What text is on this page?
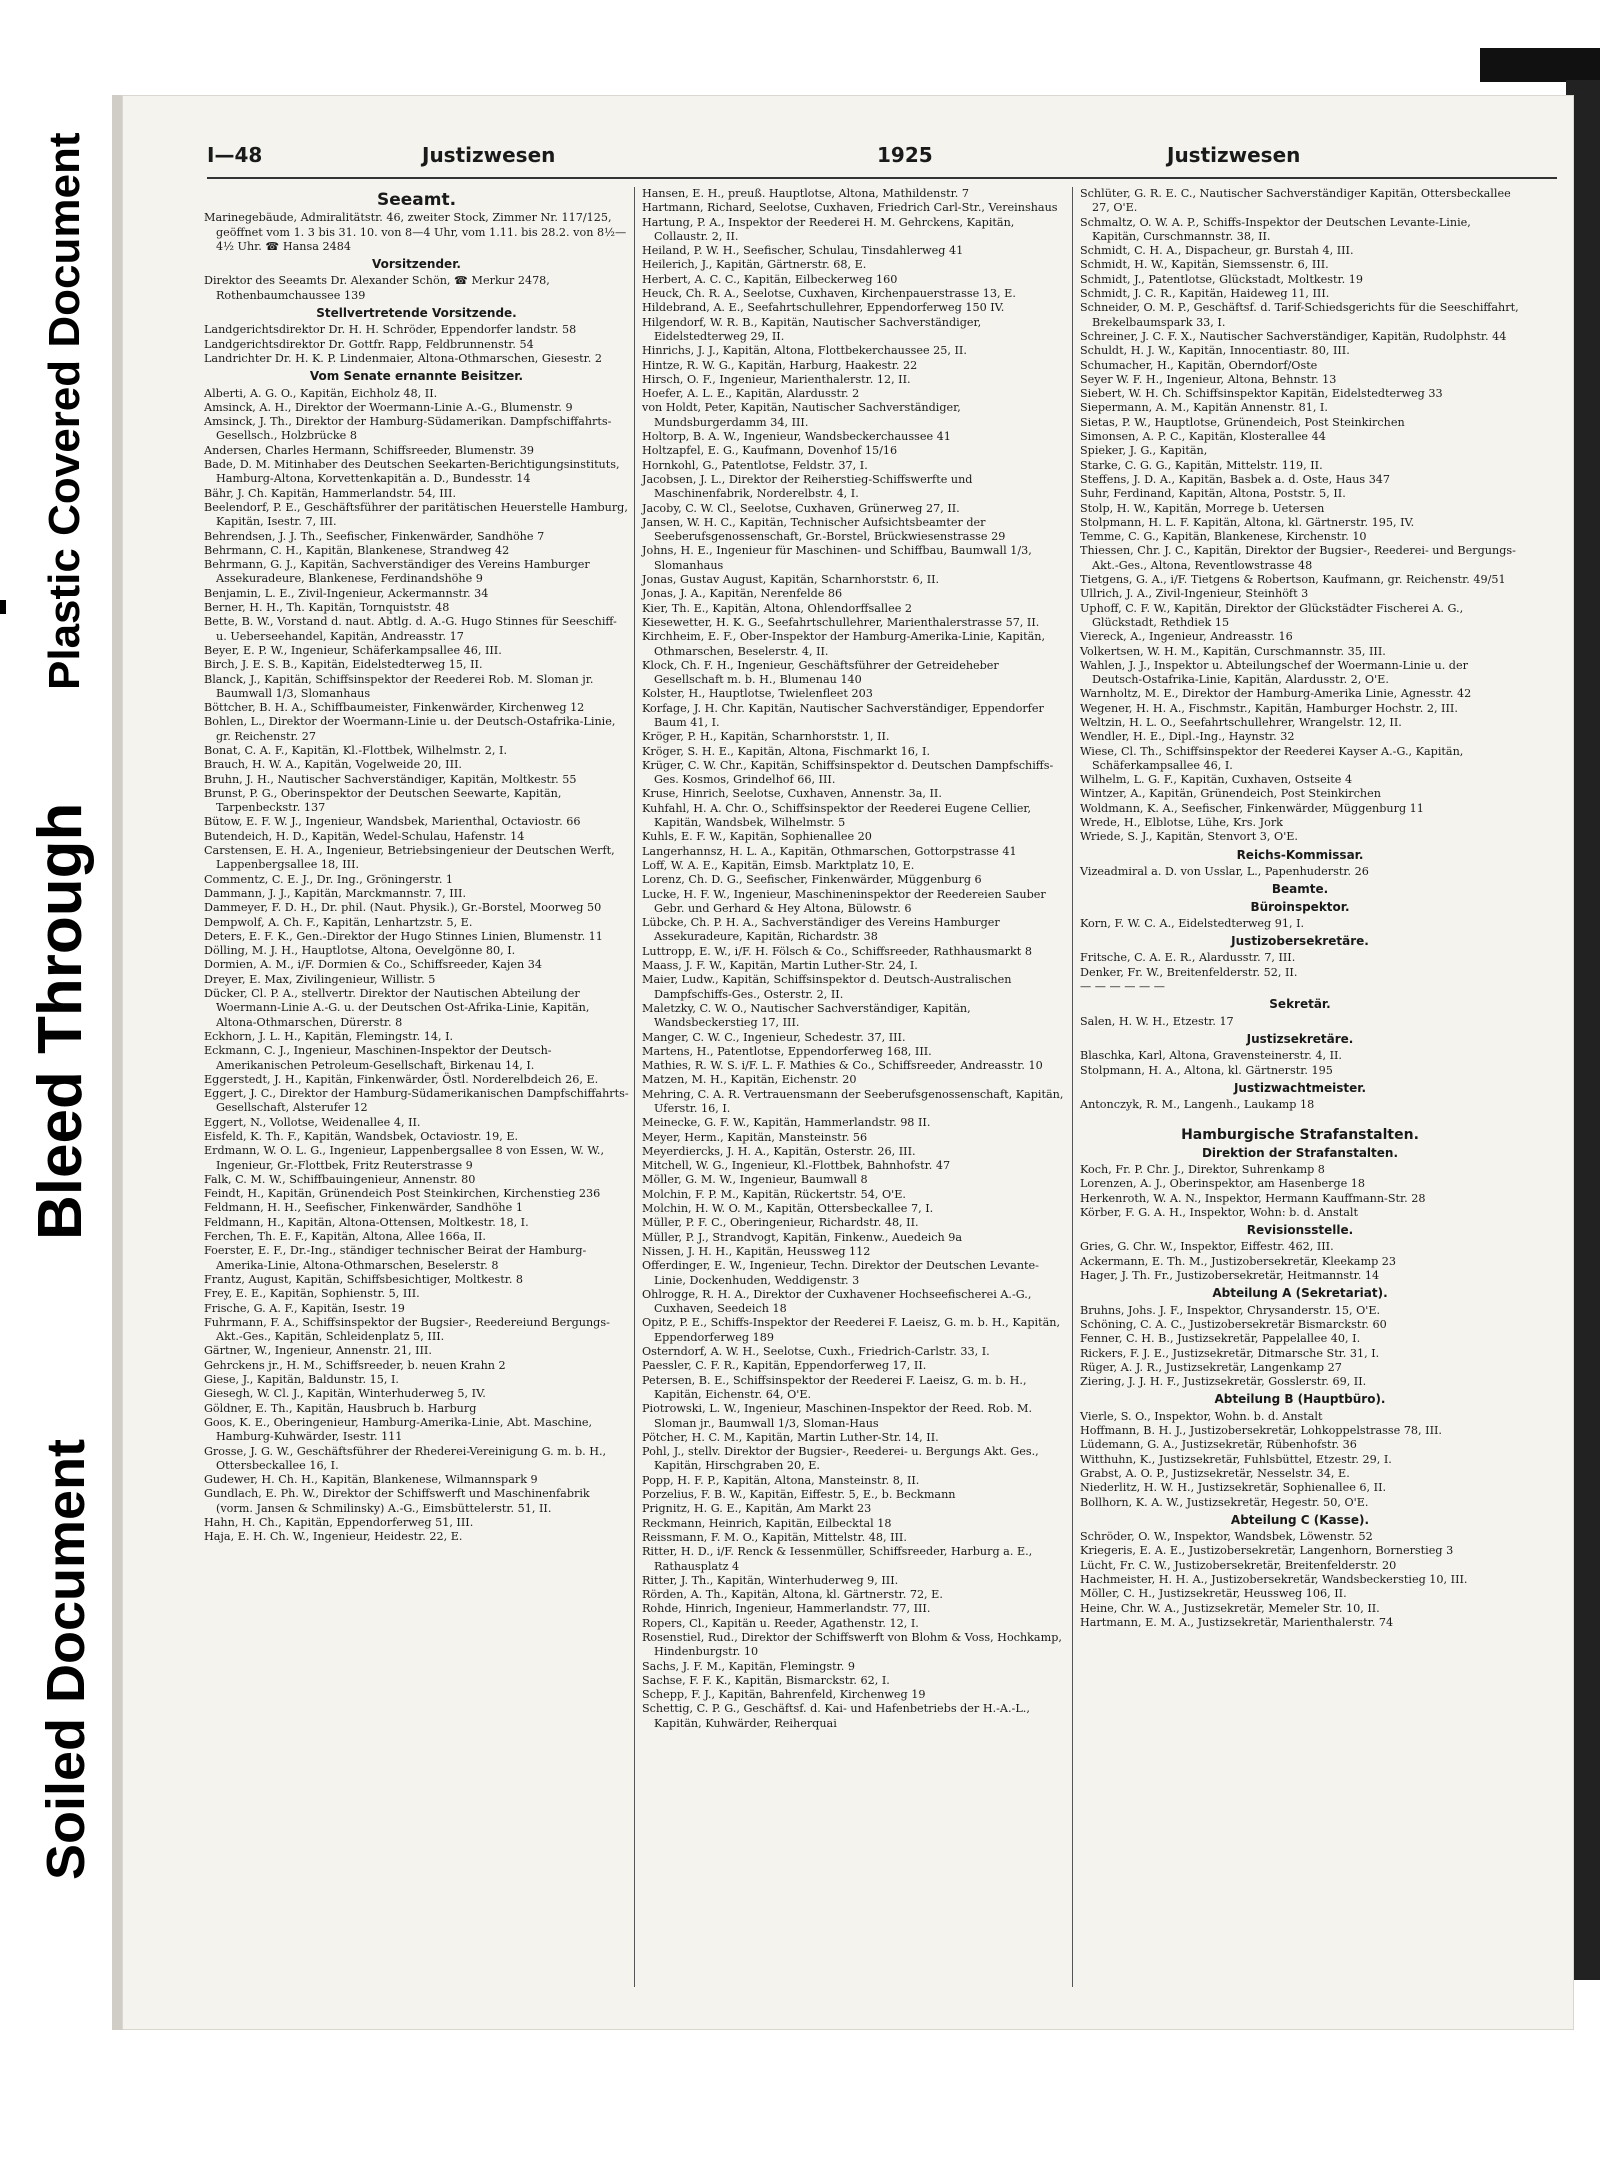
Plastic Covered Document
Bleed Through
Soiled Document
I—48	Justizwesen	1925	Justizwesen
Seeamt.

Marinegebäude, Admiralitätstr. 46, zweiter Stock, Zimmer Nr. 117/125, geöffnet vom 1. 3 bis 31. 10. von 8—4 Uhr, vom 1.11. bis 28.2. von 8½—4½ Uhr. ☎ Hansa 2484

Vorsitzender.

Direktor des Seeamts Dr. Alexander Schön, ☎ Merkur 2478, Rothenbaumchaussee 139

Stellvertretende Vorsitzende.

Landgerichtsdirektor Dr. H. H. Schröder, Eppendorfer landstr. 58

Landgerichtsdirektor Dr. Gottfr. Rapp, Feldbrunnenstr. 54

Landrichter Dr. H. K. P. Lindenmaier, Altona-Othmarschen, Giesestr. 2

Vom Senate ernannte Beisitzer.

Alberti, A. G. O., Kapitän, Eichholz 48, II.

Amsinck, A. H., Direktor der Woermann-Linie A.-G., Blumenstr. 9

Amsinck, J. Th., Direktor der Hamburg-Südamerikan. Dampfschiffahrts-Gesellsch., Holzbrücke 8

Andersen, Charles Hermann, Schiffsreeder, Blumenstr. 39

Bade, D. M. Mitinhaber des Deutschen Seekarten-Berichtigungsinstituts, Hamburg-Altona, Korvettenkapitän a. D., Bundesstr. 14

Bähr, J. Ch. Kapitän, Hammerlandstr. 54, III.

Beelendorf, P. E., Geschäftsführer der paritätischen Heuerstelle Hamburg, Kapitän, Isestr. 7, III.

Behrendsen, J. J. Th., Seefischer, Finkenwärder, Sandhöhe 7

Behrmann, C. H., Kapitän, Blankenese, Strandweg 42

Behrmann, G. J., Kapitän, Sachverständiger des Vereins Hamburger Assekuradeure, Blankenese, Ferdinandshöhe 9

Benjamin, L. E., Zivil-Ingenieur, Ackermannstr. 34

Berner, H. H., Th. Kapitän, Tornquiststr. 48

Bette, B. W., Vorstand d. naut. Abtlg. d. A.-G. Hugo Stinnes für Seeschiff- u. Ueberseehandel, Kapitän, Andreasstr. 17

Beyer, E. P. W., Ingenieur, Schäferkampsallee 46, III.

Birch, J. E. S. B., Kapitän, Eidelstedterweg 15, II.

Blanck, J., Kapitän, Schiffsinspektor der Reederei Rob. M. Sloman jr. Baumwall 1/3, Slomanhaus

Böttcher, B. H. A., Schiffbaumeister, Finkenwärder, Kirchenweg 12

Bohlen, L., Direktor der Woermann-Linie u. der Deutsch-Ostafrika-Linie, gr. Reichenstr. 27

Bonat, C. A. F., Kapitän, Kl.-Flottbek, Wilhelmstr. 2, I.

Brauch, H. W. A., Kapitän, Vogelweide 20, III.

Bruhn, J. H., Nautischer Sachverständiger, Kapitän, Moltkestr. 55

Brunst, P. G., Oberinspektor der Deutschen Seewarte, Kapitän, Tarpenbeckstr. 137

Bütow, E. F. W. J., Ingenieur, Wandsbek, Marienthal, Octaviostr. 66

Butendeich, H. D., Kapitän, Wedel-Schulau, Hafenstr. 14

Carstensen, E. H. A., Ingenieur, Betriebsingenieur der Deutschen Werft, Lappenbergsallee 18, III.

Commentz, C. E. J., Dr. Ing., Gröningerstr. 1

Dammann, J. J., Kapitän, Marckmannstr. 7, III.

Dammeyer, F. D. H., Dr. phil. (Naut. Physik.), Gr.-Borstel, Moorweg 50

Dempwolf, A. Ch. F., Kapitän, Lenhartzstr. 5, E.

Deters, E. F. K., Gen.-Direktor der Hugo Stinnes Linien, Blumenstr. 11

Dölling, M. J. H., Hauptlotse, Altona, Oevelgönne 80, I.

Dormien, A. M., i/F. Dormien & Co., Schiffsreeder, Kajen 34

Dreyer, E. Max, Zivilingenieur, Willistr. 5

Dücker, Cl. P. A., stellvertr. Direktor der Nautischen Abteilung der Woermann-Linie A.-G. u. der Deutschen Ost-Afrika-Linie, Kapitän, Altona-Othmarschen, Dürerstr. 8

Eckhorn, J. L. H., Kapitän, Flemingstr. 14, I.

Eckmann, C. J., Ingenieur, Maschinen-Inspektor der Deutsch-Amerikanischen Petroleum-Gesellschaft, Birkenau 14, I.

Eggerstedt, J. H., Kapitän, Finkenwärder, Östl. Norderelbdeich 26, E.

Eggert, J. C., Direktor der Hamburg-Südamerikanischen Dampfschiffahrts-Gesellschaft, Alsterufer 12

Eggert, N., Vollotse, Weidenallee 4, II.

Eisfeld, K. Th. F., Kapitän, Wandsbek, Octaviostr. 19, E.

Erdmann, W. O. L. G., Ingenieur, Lappenbergsallee 8 von Essen, W. W., Ingenieur, Gr.-Flottbek, Fritz Reuterstrasse 9

Falk, C. M. W., Schiffbauingenieur, Annenstr. 80

Feindt, H., Kapitän, Grünendeich Post Steinkirchen, Kirchenstieg 236

Feldmann, H. H., Seefischer, Finkenwärder, Sandhöhe 1

Feldmann, H., Kapitän, Altona-Ottensen, Moltkestr. 18, I.

Ferchen, Th. E. F., Kapitän, Altona, Allee 166a, II.

Foerster, E. F., Dr.-Ing., ständiger technischer Beirat der Hamburg-Amerika-Linie, Altona-Othmarschen, Beselerstr. 8

Frantz, August, Kapitän, Schiffsbesichtiger, Moltkestr. 8

Frey, E. E., Kapitän, Sophienstr. 5, III.

Frische, G. A. F., Kapitän, Isestr. 19

Fuhrmann, F. A., Schiffsinspektor der Bugsier-, Reedereiund Bergungs-Akt.-Ges., Kapitän, Schleidenplatz 5, III.

Gärtner, W., Ingenieur, Annenstr. 21, III.

Gehrckens jr., H. M., Schiffsreeder, b. neuen Krahn 2

Giese, J., Kapitän, Baldunstr. 15, I.

Giesegh, W. Cl. J., Kapitän, Winterhuderweg 5, IV.

Göldner, E. Th., Kapitän, Hausbruch b. Harburg

Goos, K. E., Oberingenieur, Hamburg-Amerika-Linie, Abt. Maschine, Hamburg-Kuhwärder, Isestr. 111

Grosse, J. G. W., Geschäftsführer der Rhederei-Vereinigung G. m. b. H., Ottersbeckallee 16, I.

Gudewer, H. Ch. H., Kapitän, Blankenese, Wilmannspark 9

Gundlach, E. Ph. W., Direktor der Schiffswerft und Maschinenfabrik (vorm. Jansen & Schmilinsky) A.-G., Eimsbüttelerstr. 51, II.

Hahn, H. Ch., Kapitän, Eppendorferweg 51, III.

Haja, E. H. Ch. W., Ingenieur, Heidestr. 22, E.

Hansen, E. H., preuß. Hauptlotse, Altona, Mathildenstr. 7

Hartmann, Richard, Seelotse, Cuxhaven, Friedrich Carl-Str., Vereinshaus

Hartung, P. A., Inspektor der Reederei H. M. Gehrckens, Kapitän, Collaustr. 2, II.

Heiland, P. W. H., Seefischer, Schulau, Tinsdahlerweg 41

Heilerich, J., Kapitän, Gärtnerstr. 68, E.

Herbert, A. C. C., Kapitän, Eilbeckerweg 160

Heuck, Ch. R. A., Seelotse, Cuxhaven, Kirchenpauerstrasse 13, E.

Hildebrand, A. E., Seefahrtschullehrer, Eppendorferweg 150 IV.

Hilgendorf, W. R. B., Kapitän, Nautischer Sachverständiger, Eidelstedterweg 29, II.

Hinrichs, J. J., Kapitän, Altona, Flottbekerchaussee 25, II.

Hintze, R. W. G., Kapitän, Harburg, Haakestr. 22

Hirsch, O. F., Ingenieur, Marienthalerstr. 12, II.

Hoefer, A. L. E., Kapitän, Alardusstr. 2

von Holdt, Peter, Kapitän, Nautischer Sachverständiger, Mundsburgerdamm 34, III.

Holtorp, B. A. W., Ingenieur, Wandsbeckerchaussee 41

Holtzapfel, E. G., Kaufmann, Dovenhof 15/16

Hornkohl, G., Patentlotse, Feldstr. 37, I.

Jacobsen, J. L., Direktor der Reiherstieg-Schiffswerfte und Maschinenfabrik, Norderelbstr. 4, I.

Jacoby, C. W. Cl., Seelotse, Cuxhaven, Grünerweg 27, II.

Jansen, W. H. C., Kapitän, Technischer Aufsichtsbeamter der Seeberufsgenossenschaft, Gr.-Borstel, Brückwiesenstrasse 29

Johns, H. E., Ingenieur für Maschinen- und Schiffbau, Baumwall 1/3, Slomanhaus

Jonas, Gustav August, Kapitän, Scharnhorststr. 6, II.

Jonas, J. A., Kapitän, Nerenfelde 86

Kier, Th. E., Kapitän, Altona, Ohlendorffsallee 2

Kiesewetter, H. K. G., Seefahrtschullehrer, Marienthalerstrasse 57, II.

Kirchheim, E. F., Ober-Inspektor der Hamburg-Amerika-Linie, Kapitän, Othmarschen, Beselerstr. 4, II.

Klock, Ch. F. H., Ingenieur, Geschäftsführer der Getreideheber Gesellschaft m. b. H., Blumenau 140

Kolster, H., Hauptlotse, Twielenfleet 203

Korfage, J. H. Chr. Kapitän, Nautischer Sachverständiger, Eppendorfer Baum 41, I.

Kröger, P. H., Kapitän, Scharnhorststr. 1, II.

Kröger, S. H. E., Kapitän, Altona, Fischmarkt 16, I.

Krüger, C. W. Chr., Kapitän, Schiffsinspektor d. Deutschen Dampfschiffs-Ges. Kosmos, Grindelhof 66, III.

Kruse, Hinrich, Seelotse, Cuxhaven, Annenstr. 3a, II.

Kuhfahl, H. A. Chr. O., Schiffsinspektor der Reederei Eugene Cellier, Kapitän, Wandsbek, Wilhelmstr. 5

Kuhls, E. F. W., Kapitän, Sophienallee 20

Langerhannsz, H. L. A., Kapitän, Othmarschen, Gottorpstrasse 41

Loff, W. A. E., Kapitän, Eimsb. Marktplatz 10, E.

Lorenz, Ch. D. G., Seefischer, Finkenwärder, Müggenburg 6

Lucke, H. F. W., Ingenieur, Maschineninspektor der Reedereien Sauber Gebr. und Gerhard & Hey Altona, Bülowstr. 6

Lübcke, Ch. P. H. A., Sachverständiger des Vereins Hamburger Assekuradeure, Kapitän, Richardstr. 38

Luttropp, E. W., i/F. H. Fölsch & Co., Schiffsreeder, Rathhausmarkt 8

Maass, J. F. W., Kapitän, Martin Luther-Str. 24, I.

Maier, Ludw., Kapitän, Schiffsinspektor d. Deutsch-Australischen Dampfschiffs-Ges., Osterstr. 2, II.

Maletzky, C. W. O., Nautischer Sachverständiger, Kapitän, Wandsbeckerstieg 17, III.

Manger, C. W. C., Ingenieur, Schedestr. 37, III.

Martens, H., Patentlotse, Eppendorferweg 168, III.

Mathies, R. W. S. i/F. L. F. Mathies & Co., Schiffsreeder, Andreasstr. 10

Matzen, M. H., Kapitän, Eichenstr. 20

Mehring, C. A. R. Vertrauensmann der Seeberufsgenossenschaft, Kapitän, Uferstr. 16, I.

Meinecke, G. F. W., Kapitän, Hammerlandstr. 98 II.

Meyer, Herm., Kapitän, Mansteinstr. 56

Meyerdiercks, J. H. A., Kapitän, Osterstr. 26, III.

Mitchell, W. G., Ingenieur, Kl.-Flottbek, Bahnhofstr. 47

Möller, G. M. W., Ingenieur, Baumwall 8

Molchin, F. P. M., Kapitän, Rückertstr. 54, O'E.

Molchin, H. W. O. M., Kapitän, Ottersbeckallee 7, I.

Müller, P. F. C., Oberingenieur, Richardstr. 48, II.

Müller, P. J., Strandvogt, Kapitän, Finkenw., Auedeich 9a

Nissen, J. H. H., Kapitän, Heussweg 112

Offerdinger, E. W., Ingenieur, Techn. Direktor der Deutschen Levante-Linie, Dockenhuden, Weddigenstr. 3

Ohlrogge, R. H. A., Direktor der Cuxhavener Hochseefischerei A.-G., Cuxhaven, Seedeich 18

Opitz, P. E., Schiffs-Inspektor der Reederei F. Laeisz, G. m. b. H., Kapitän, Eppendorferweg 189

Osterndorf, A. W. H., Seelotse, Cuxh., Friedrich-Carlstr. 33, I.

Paessler, C. F. R., Kapitän, Eppendorferweg 17, II.

Petersen, B. E., Schiffsinspektor der Reederei F. Laeisz, G. m. b. H., Kapitän, Eichenstr. 64, O'E.

Piotrowski, L. W., Ingenieur, Maschinen-Inspektor der Reed. Rob. M. Sloman jr., Baumwall 1/3, Sloman-Haus

Pötcher, H. C. M., Kapitän, Martin Luther-Str. 14, II.

Pohl, J., stellv. Direktor der Bugsier-, Reederei- u. Bergungs Akt. Ges., Kapitän, Hirschgraben 20, E.

Popp, H. F. P., Kapitän, Altona, Mansteinstr. 8, II.

Porzelius, F. B. W., Kapitän, Eiffestr. 5, E., b. Beckmann

Prignitz, H. G. E., Kapitän, Am Markt 23

Reckmann, Heinrich, Kapitän, Eilbecktal 18

Reissmann, F. M. O., Kapitän, Mittelstr. 48, III.

Ritter, H. D., i/F. Renck & Iessenmüller, Schiffsreeder, Harburg a. E., Rathausplatz 4

Ritter, J. Th., Kapitän, Winterhuderweg 9, III.

Rörden, A. Th., Kapitän, Altona, kl. Gärtnerstr. 72, E.

Rohde, Hinrich, Ingenieur, Hammerlandstr. 77, III.

Ropers, Cl., Kapitän u. Reeder, Agathenstr. 12, I.

Rosenstiel, Rud., Direktor der Schiffswerft von Blohm & Voss, Hochkamp, Hindenburgstr. 10

Sachs, J. F. M., Kapitän, Flemingstr. 9

Sachse, F. F. K., Kapitän, Bismarckstr. 62, I.

Schepp, F. J., Kapitän, Bahrenfeld, Kirchenweg 19

Schettig, C. P. G., Geschäftsf. d. Kai- und Hafenbetriebs der H.-A.-L., Kapitän, Kuhwärder, Reiherquai

Schlüter, G. R. E. C., Nautischer Sachverständiger Kapitän, Ottersbeckallee 27, O'E.

Schmaltz, O. W. A. P., Schiffs-Inspektor der Deutschen Levante-Linie, Kapitän, Curschmannstr. 38, II.

Schmidt, C. H. A., Dispacheur, gr. Burstah 4, III.

Schmidt, H. W., Kapitän, Siemssenstr. 6, III.

Schmidt, J., Patentlotse, Glückstadt, Moltkestr. 19

Schmidt, J. C. R., Kapitän, Haideweg 11, III.

Schneider, O. M. P., Geschäftsf. d. Tarif-Schiedsgerichts für die Seeschiffahrt, Brekelbaumspark 33, I.

Schreiner, J. C. F. X., Nautischer Sachverständiger, Kapitän, Rudolphstr. 44

Schuldt, H. J. W., Kapitän, Innocentiastr. 80, III.

Schumacher, H., Kapitän, Oberndorf/Oste

Seyer W. F. H., Ingenieur, Altona, Behnstr. 13

Siebert, W. H. Ch. Schiffsinspektor Kapitän, Eidelstedterweg 33

Siepermann, A. M., Kapitän Annenstr. 81, I.

Sietas, P. W., Hauptlotse, Grünendeich, Post Steinkirchen

Simonsen, A. P. C., Kapitän, Klosterallee 44

Spieker, J. G., Kapitän,

Starke, C. G. G., Kapitän, Mittelstr. 119, II.

Steffens, J. D. A., Kapitän, Basbek a. d. Oste, Haus 347

Suhr, Ferdinand, Kapitän, Altona, Poststr. 5, II.

Stolp, H. W., Kapitän, Morrege b. Uetersen

Stolpmann, H. L. F. Kapitän, Altona, kl. Gärtnerstr. 195, IV.

Temme, C. G., Kapitän, Blankenese, Kirchenstr. 10

Thiessen, Chr. J. C., Kapitän, Direktor der Bugsier-, Reederei- und Bergungs-Akt.-Ges., Altona, Reventlowstrasse 48

Tietgens, G. A., i/F. Tietgens & Robertson, Kaufmann, gr. Reichenstr. 49/51

Ullrich, J. A., Zivil-Ingenieur, Steinhöft 3

Uphoff, C. F. W., Kapitän, Direktor der Glückstädter Fischerei A. G., Glückstadt, Rethdiek 15

Viereck, A., Ingenieur, Andreasstr. 16

Volkertsen, W. H. M., Kapitän, Curschmannstr. 35, III.

Wahlen, J. J., Inspektor u. Abteilungschef der Woermann-Linie u. der Deutsch-Ostafrika-Linie, Kapitän, Alardusstr. 2, O'E.

Warnholtz, M. E., Direktor der Hamburg-Amerika Linie, Agnesstr. 42

Wegener, H. H. A., Fischmstr., Kapitän, Hamburger Hochstr. 2, III.

Weltzin, H. L. O., Seefahrtschullehrer, Wrangelstr. 12, II.

Wendler, H. E., Dipl.-Ing., Haynstr. 32

Wiese, Cl. Th., Schiffsinspektor der Reederei Kayser A.-G., Kapitän, Schäferkampsallee 46, I.

Wilhelm, L. G. F., Kapitän, Cuxhaven, Ostseite 4

Wintzer, A., Kapitän, Grünendeich, Post Steinkirchen

Woldmann, K. A., Seefischer, Finkenwärder, Müggenburg 11

Wrede, H., Elblotse, Lühe, Krs. Jork

Wriede, S. J., Kapitän, Stenvort 3, O'E.

Reichs-Kommissar.

Vizeadmiral a. D. von Usslar, L., Papenhuderstr. 26

Beamte.
Büroinspektor.

Korn, F. W. C. A., Eidelstedterweg 91, I.

Justizobersekretäre.

Fritsche, C. A. E. R., Alardusstr. 7, III.

Denker, Fr. W., Breitenfelderstr. 52, II.

— — — — — —

Sekretär.

Salen, H. W. H., Etzestr. 17

Justizsekretäre.

Blaschka, Karl, Altona, Gravensteinerstr. 4, II.

Stolpmann, H. A., Altona, kl. Gärtnerstr. 195

Justizwachtmeister.

Antonczyk, R. M., Langenh., Laukamp 18

Hamburgische Strafanstalten.
Direktion der Strafanstalten.

Koch, Fr. P. Chr. J., Direktor, Suhrenkamp 8

Lorenzen, A. J., Oberinspektor, am Hasenberge 18

Herkenroth, W. A. N., Inspektor, Hermann Kauffmann-Str. 28

Körber, F. G. A. H., Inspektor, Wohn: b. d. Anstalt

Revisionsstelle.

Gries, G. Chr. W., Inspektor, Eiffestr. 462, III.

Ackermann, E. Th. M., Justizobersekretär, Kleekamp 23

Hager, J. Th. Fr., Justizobersekretär, Heitmannstr. 14

Abteilung A (Sekretariat).

Bruhns, Johs. J. F., Inspektor, Chrysanderstr. 15, O'E.

Schöning, C. A. C., Justizobersekretär Bismarckstr. 60

Fenner, C. H. B., Justizsekretär, Pappelallee 40, I.

Rickers, F. J. E., Justizsekretär, Ditmarsche Str. 31, I.

Rüger, A. J. R., Justizsekretär, Langenkamp 27

Ziering, J. J. H. F., Justizsekretär, Gosslerstr. 69, II.

Abteilung B (Hauptbüro).

Vierle, S. O., Inspektor, Wohn. b. d. Anstalt

Hoffmann, B. H. J., Justizobersekretär, Lohkoppelstrasse 78, III.

Lüdemann, G. A., Justizsekretär, Rübenhofstr. 36

Witthuhn, K., Justizsekretär, Fuhlsbüttel, Etzestr. 29, I.

Grabst, A. O. P., Justizsekretär, Nesselstr. 34, E.

Niederlitz, H. W. H., Justizsekretär, Sophienallee 6, II.

Bollhorn, K. A. W., Justizsekretär, Hegestr. 50, O'E.

Abteilung C (Kasse).

Schröder, O. W., Inspektor, Wandsbek, Löwenstr. 52

Kriegeris, E. A. E., Justizobersekretär, Langenhorn, Bornerstieg 3

Lücht, Fr. C. W., Justizobersekretär, Breitenfelderstr. 20

Hachmeister, H. H. A., Justizobersekretär, Wandsbeckerstieg 10, III.

Möller, C. H., Justizsekretär, Heussweg 106, II.

Heine, Chr. W. A., Justizsekretär, Memeler Str. 10, II.

Hartmann, E. M. A., Justizsekretär, Marienthalerstr. 74
